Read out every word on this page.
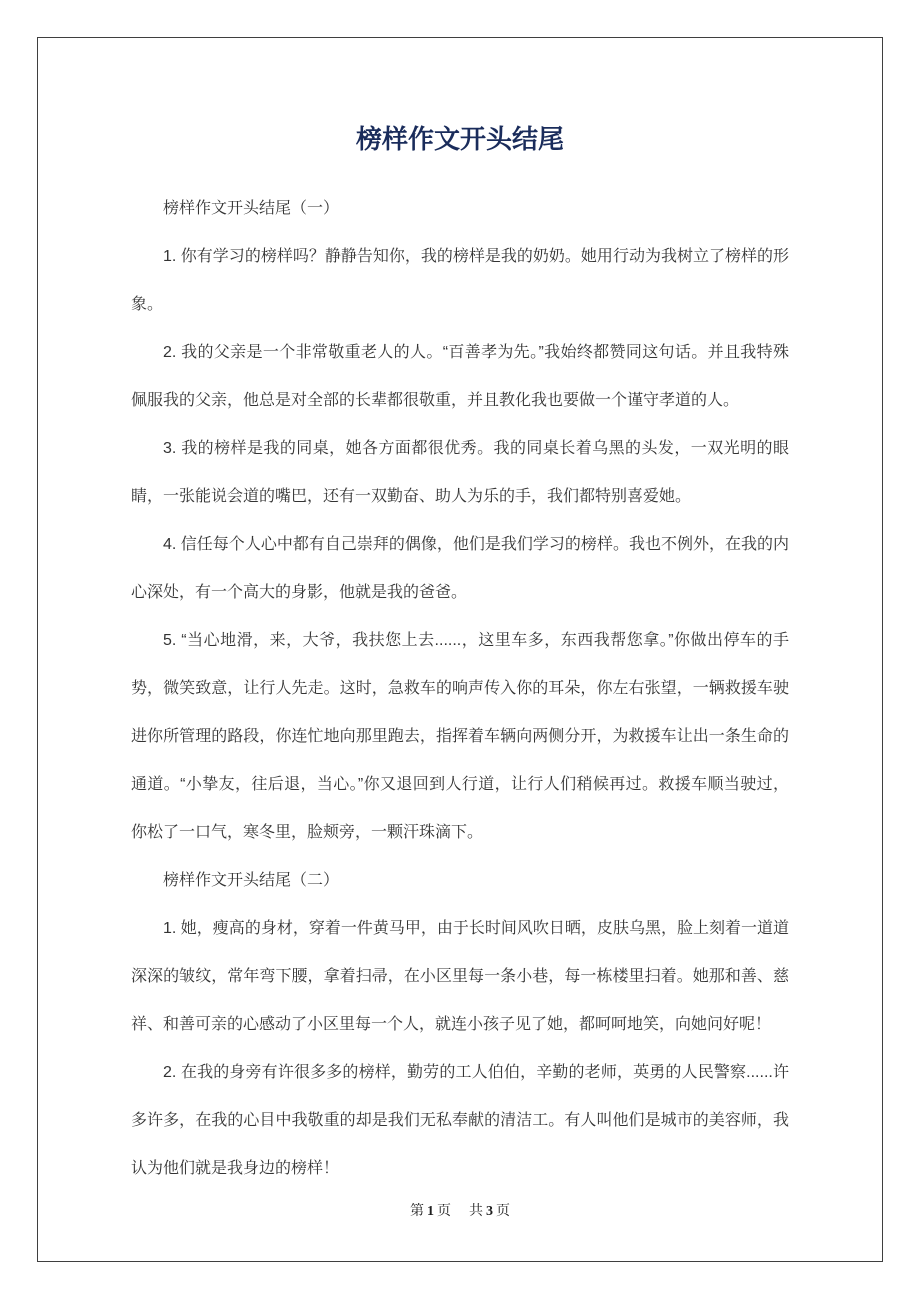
榜样作文开头结尾

榜样作文开头结尾（一）

1. 你有学习的榜样吗？静静告知你，我的榜样是我的奶奶。她用行动为我树立了榜样的形象。

2. 我的父亲是一个非常敬重老人的人。“百善孝为先。”我始终都赞同这句话。并且我特殊佩服我的父亲，他总是对全部的长辈都很敬重，并且教化我也要做一个谨守孝道的人。

3. 我的榜样是我的同桌，她各方面都很优秀。我的同桌长着乌黑的头发，一双光明的眼睛，一张能说会道的嘴巴，还有一双勤奋、助人为乐的手，我们都特别喜爱她。

4. 信任每个人心中都有自己崇拜的偶像，他们是我们学习的榜样。我也不例外，在我的内心深处，有一个高大的身影，他就是我的爸爸。

5. “当心地滑，来，大爷，我扶您上去......，这里车多，东西我帮您拿。”你做出停车的手势，微笑致意，让行人先走。这时，急救车的响声传入你的耳朵，你左右张望，一辆救援车驶进你所管理的路段，你连忙地向那里跑去，指挥着车辆向两侧分开，为救援车让出一条生命的通道。“小挚友，往后退，当心。”你又退回到人行道，让行人们稍候再过。救援车顺当驶过，你松了一口气，寒冬里，脸颊旁，一颗汗珠滴下。

榜样作文开头结尾（二）

1. 她，瘦高的身材，穿着一件黄马甲，由于长时间风吹日晒，皮肤乌黑，脸上刻着一道道深深的皱纹，常年弯下腰，拿着扫帚，在小区里每一条小巷，每一栋楼里扫着。她那和善、慈祥、和善可亲的心感动了小区里每一个人，就连小孩子见了她，都呵呵地笑，向她问好呢！

2. 在我的身旁有许很多多的榜样，勤劳的工人伯伯，辛勤的老师，英勇的人民警察......许多许多，在我的心目中我敬重的却是我们无私奉献的清洁工。有人叫他们是城市的美容师，我认为他们就是我身边的榜样！

第 1 页 共 3 页
